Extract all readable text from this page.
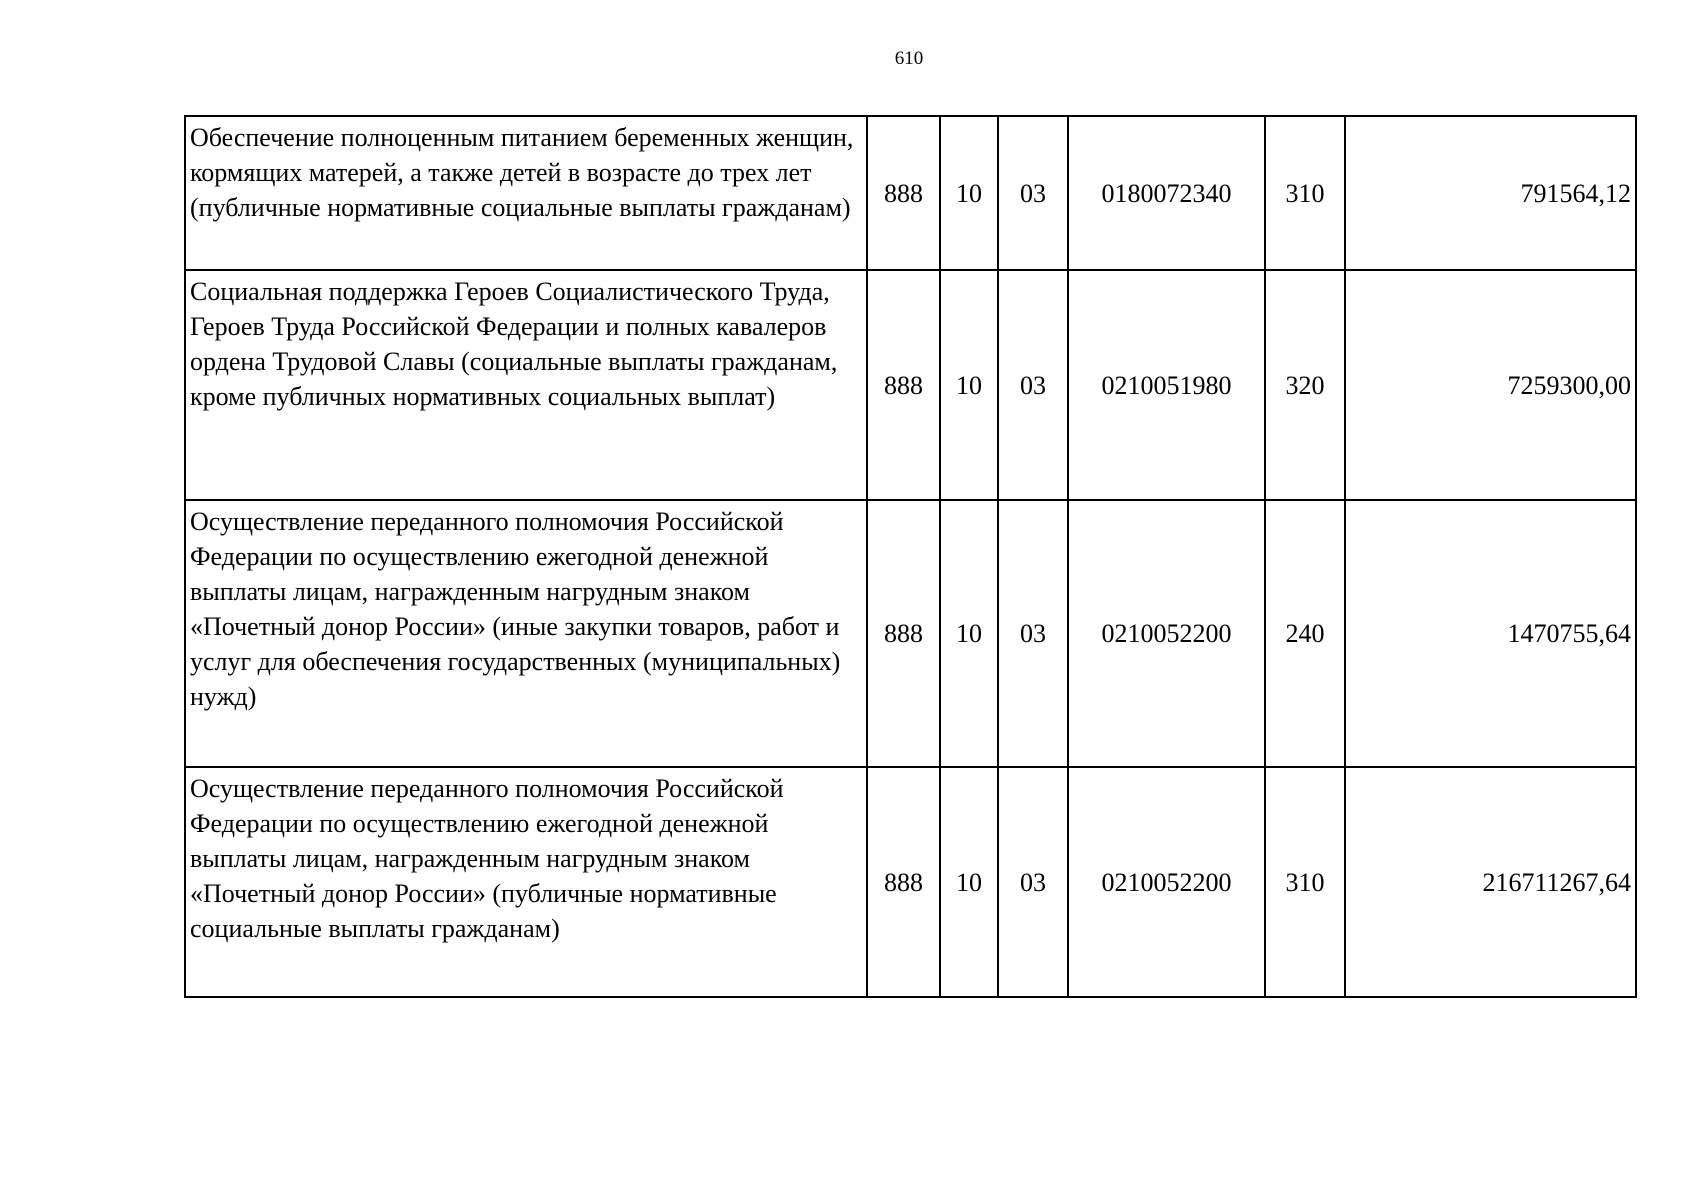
610
Обеспечение полноценным питанием беременных женщин, кормящих матерей, а также детей в возрасте до трех лет (публичные нормативные социальные выплаты гражданам)	888	10	03	0180072340	310	791564,12
Социальная поддержка Героев Социалистического Труда, Героев Труда Российской Федерации и полных кавалеров ордена Трудовой Славы (социальные выплаты гражданам, кроме публичных нормативных социальных выплат)	888	10	03	0210051980	320	7259300,00
Осуществление переданного полномочия Российской Федерации по осуществлению ежегодной денежной выплаты лицам, награжденным нагрудным знаком «Почетный донор России» (иные закупки товаров, работ и услуг для обеспечения государственных (муниципальных) нужд)	888	10	03	0210052200	240	1470755,64
Осуществление переданного полномочия Российской Федерации по осуществлению ежегодной денежной выплаты лицам, награжденным нагрудным знаком «Почетный донор России» (публичные нормативные социальные выплаты гражданам)	888	10	03	0210052200	310	216711267,64
